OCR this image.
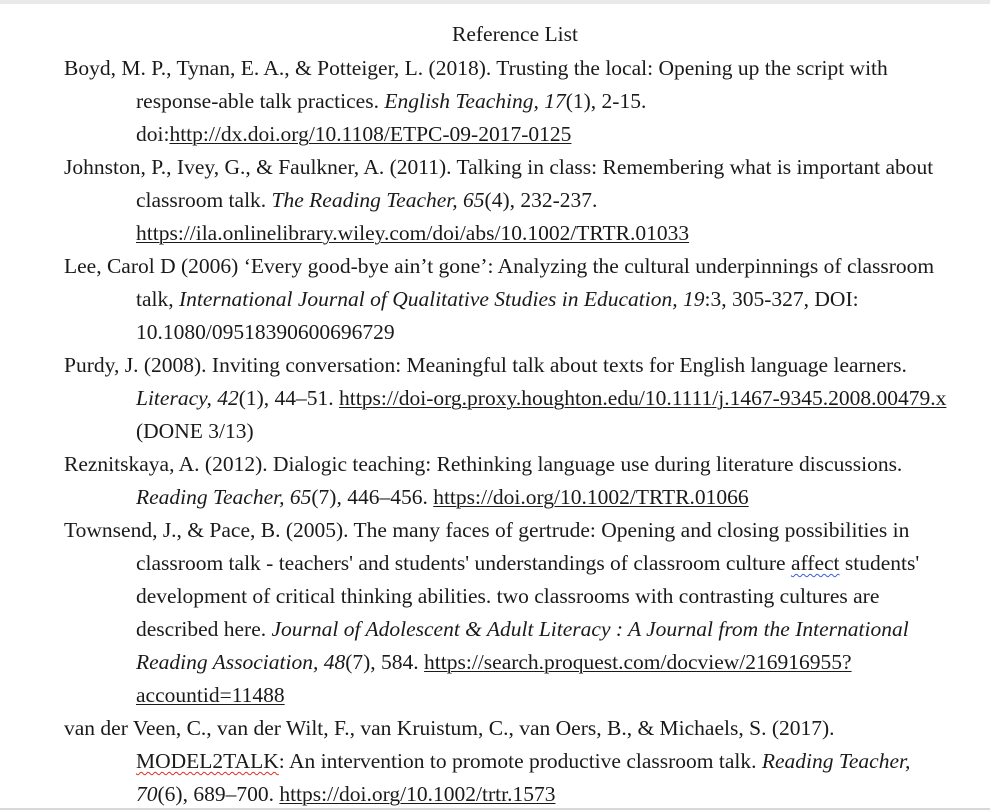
Reference List

Boyd, M. P., Tynan, E. A., & Potteiger, L. (2018). Trusting the local: Opening up the script with response-able talk practices. English Teaching, 17(1), 2-15. doi:http://dx.doi.org/10.1108/ETPC-09-2017-0125

Johnston, P., Ivey, G., & Faulkner, A. (2011). Talking in class: Remembering what is important about classroom talk. The Reading Teacher, 65(4), 232-237. https://ila.onlinelibrary.wiley.com/doi/abs/10.1002/TRTR.01033

Lee, Carol D (2006) ‘Every good-bye ain’t gone’: Analyzing the cultural underpinnings of classroom talk, International Journal of Qualitative Studies in Education, 19:3, 305-327, DOI: 10.1080/09518390600696729

Purdy, J. (2008). Inviting conversation: Meaningful talk about texts for English language learners. Literacy, 42(1), 44–51. https://doi-org.proxy.houghton.edu/10.1111/j.1467-9345.2008.00479.x (DONE 3/13)

Reznitskaya, A. (2012). Dialogic teaching: Rethinking language use during literature discussions. Reading Teacher, 65(7), 446–456. https://doi.org/10.1002/TRTR.01066

Townsend, J., & Pace, B. (2005). The many faces of gertrude: Opening and closing possibilities in classroom talk - teachers' and students' understandings of classroom culture affect students' development of critical thinking abilities. two classrooms with contrasting cultures are described here. Journal of Adolescent & Adult Literacy : A Journal from the International Reading Association, 48(7), 584. https://search.proquest.com/docview/216916955?accountid=11488

van der Veen, C., van der Wilt, F., van Kruistum, C., van Oers, B., & Michaels, S. (2017). MODEL2TALK: An intervention to promote productive classroom talk. Reading Teacher, 70(6), 689–700. https://doi.org/10.1002/trtr.1573
